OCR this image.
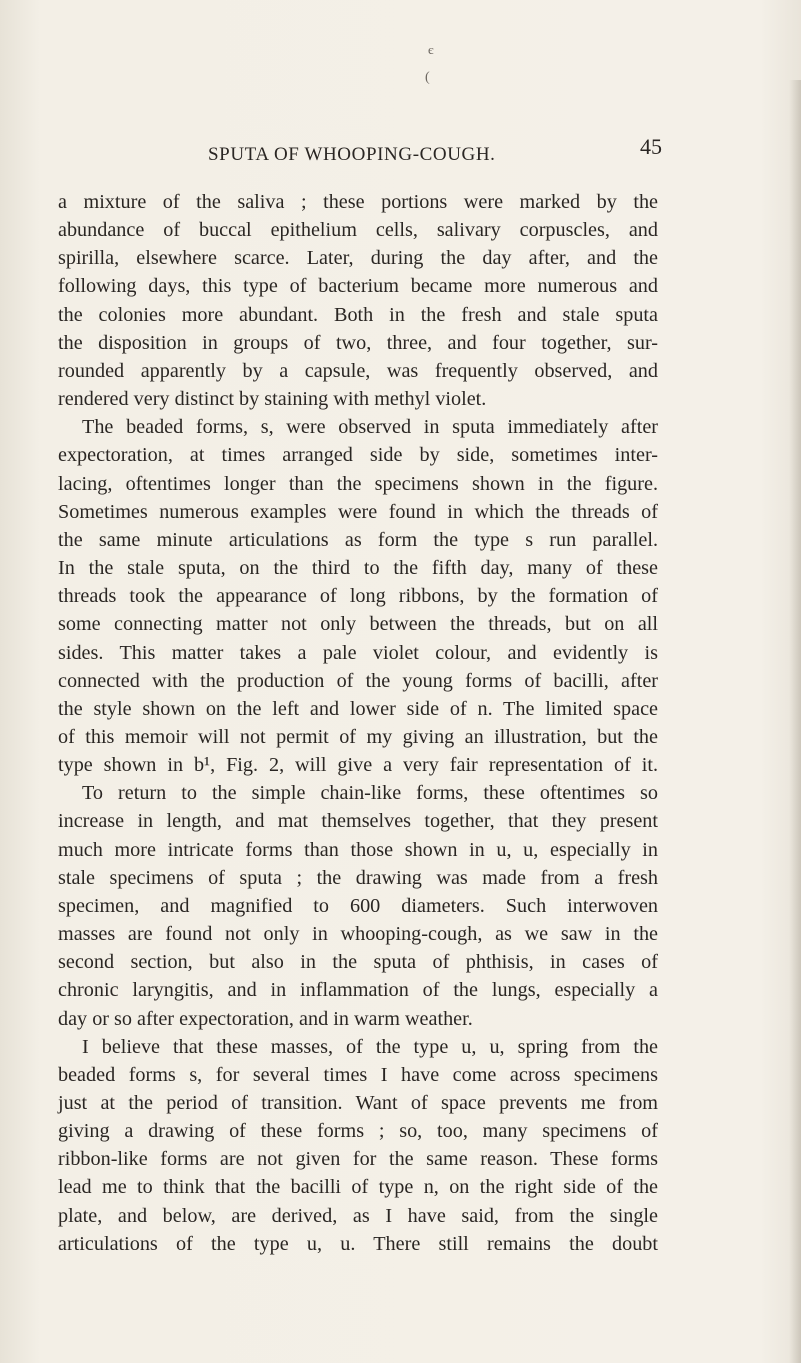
є
(
SPUTA OF WHOOPING-COUGH.	45

a mixture of the saliva ; these portions were marked by the

abundance of buccal epithelium cells, salivary corpuscles, and

spirilla, elsewhere scarce. Later, during the day after, and the

following days, this type of bacterium became more numerous and

the colonies more abundant. Both in the fresh and stale sputa

the disposition in groups of two, three, and four together, sur-

rounded apparently by a capsule, was frequently observed, and

rendered very distinct by staining with methyl violet.

The beaded forms, s, were observed in sputa immediately after

expectoration, at times arranged side by side, sometimes inter-

lacing, oftentimes longer than the specimens shown in the figure.

Sometimes numerous examples were found in which the threads of

the same minute articulations as form the type s run parallel.

In the stale sputa, on the third to the fifth day, many of these

threads took the appearance of long ribbons, by the formation of

some connecting matter not only between the threads, but on all

sides. This matter takes a pale violet colour, and evidently is

connected with the production of the young forms of bacilli, after

the style shown on the left and lower side of n. The limited space

of this memoir will not permit of my giving an illustration, but the

type shown in b¹, Fig. 2, will give a very fair representation of it.

To return to the simple chain-like forms, these oftentimes so

increase in length, and mat themselves together, that they present

much more intricate forms than those shown in u, u, especially in

stale specimens of sputa ; the drawing was made from a fresh

specimen, and magnified to 600 diameters. Such interwoven

masses are found not only in whooping-cough, as we saw in the

second section, but also in the sputa of phthisis, in cases of

chronic laryngitis, and in inflammation of the lungs, especially a

day or so after expectoration, and in warm weather.

I believe that these masses, of the type u, u, spring from the

beaded forms s, for several times I have come across specimens

just at the period of transition. Want of space prevents me from

giving a drawing of these forms ; so, too, many specimens of

ribbon-like forms are not given for the same reason. These forms

lead me to think that the bacilli of type n, on the right side of the

plate, and below, are derived, as I have said, from the single

articulations of the type u, u. There still remains the doubt
